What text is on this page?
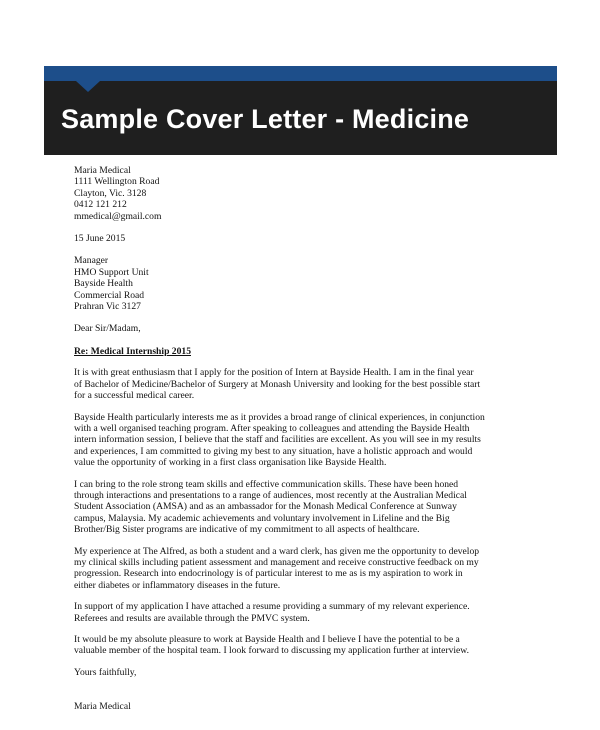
Sample Cover Letter - Medicine
Maria Medical
1111 Wellington Road
Clayton, Vic. 3128
0412 121 212
mmedical@gmail.com
15 June 2015
Manager
HMO Support Unit
Bayside Health
Commercial Road
Prahran Vic 3127
Dear Sir/Madam,
Re: Medical Internship 2015

It is with great enthusiasm that I apply for the position of Intern at Bayside Health. I am in the final year
of Bachelor of Medicine/Bachelor of Surgery at Monash University and looking for the best possible start
for a successful medical career.

Bayside Health particularly interests me as it provides a broad range of clinical experiences, in conjunction
with a well organised teaching program. After speaking to colleagues and attending the Bayside Health
intern information session, I believe that the staff and facilities are excellent. As you will see in my results
and experiences, I am committed to giving my best to any situation, have a holistic approach and would
value the opportunity of working in a first class organisation like Bayside Health.

I can bring to the role strong team skills and effective communication skills. These have been honed
through interactions and presentations to a range of audiences, most recently at the Australian Medical
Student Association (AMSA) and as an ambassador for the Monash Medical Conference at Sunway
campus, Malaysia. My academic achievements and voluntary involvement in Lifeline and the Big
Brother/Big Sister programs are indicative of my commitment to all aspects of healthcare.

My experience at The Alfred, as both a student and a ward clerk, has given me the opportunity to develop
my clinical skills including patient assessment and management and receive constructive feedback on my
progression. Research into endocrinology is of particular interest to me as is my aspiration to work in
either diabetes or inflammatory diseases in the future.

In support of my application I have attached a resume providing a summary of my relevant experience.
Referees and results are available through the PMVC system.

It would be my absolute pleasure to work at Bayside Health and I believe I have the potential to be a
valuable member of the hospital team. I look forward to discussing my application further at interview.

Yours faithfully,
Maria Medical
